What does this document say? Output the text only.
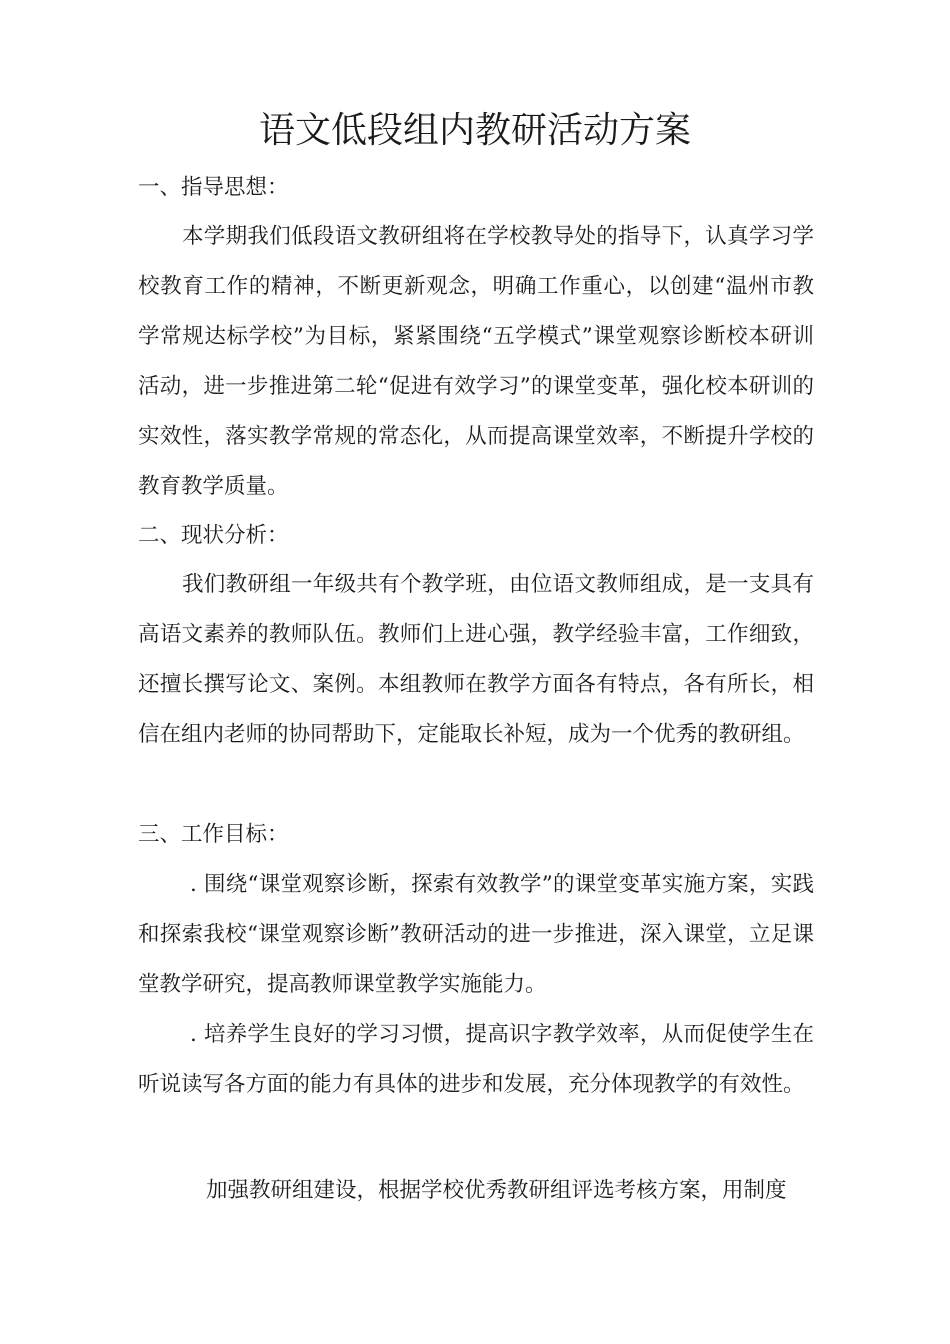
语文低段组内教研活动方案

一、指导思想：

本学期我们低段语文教研组将在学校教导处的指导下，认真学习学校教育工作的精神，不断更新观念，明确工作重心，以创建“温州市教学常规达标学校”为目标，紧紧围绕“五学模式”课堂观察诊断校本研训活动，进一步推进第二轮“促进有效学习”的课堂变革，强化校本研训的实效性，落实教学常规的常态化，从而提高课堂效率，不断提升学校的教育教学质量。

二、现状分析：

我们教研组一年级共有个教学班，由位语文教师组成，是一支具有高语文素养的教师队伍。教师们上进心强，教学经验丰富，工作细致，还擅长撰写论文、案例。本组教师在教学方面各有特点，各有所长，相信在组内老师的协同帮助下，定能取长补短，成为一个优秀的教研组。

三、工作目标：

. 围绕“课堂观察诊断，探索有效教学”的课堂变革实施方案，实践和探索我校“课堂观察诊断”教研活动的进一步推进，深入课堂，立足课堂教学研究，提高教师课堂教学实施能力。

. 培养学生良好的学习习惯，提高识字教学效率，从而促使学生在听说读写各方面的能力有具体的进步和发展，充分体现教学的有效性。

加强教研组建设，根据学校优秀教研组评选考核方案，用制度
